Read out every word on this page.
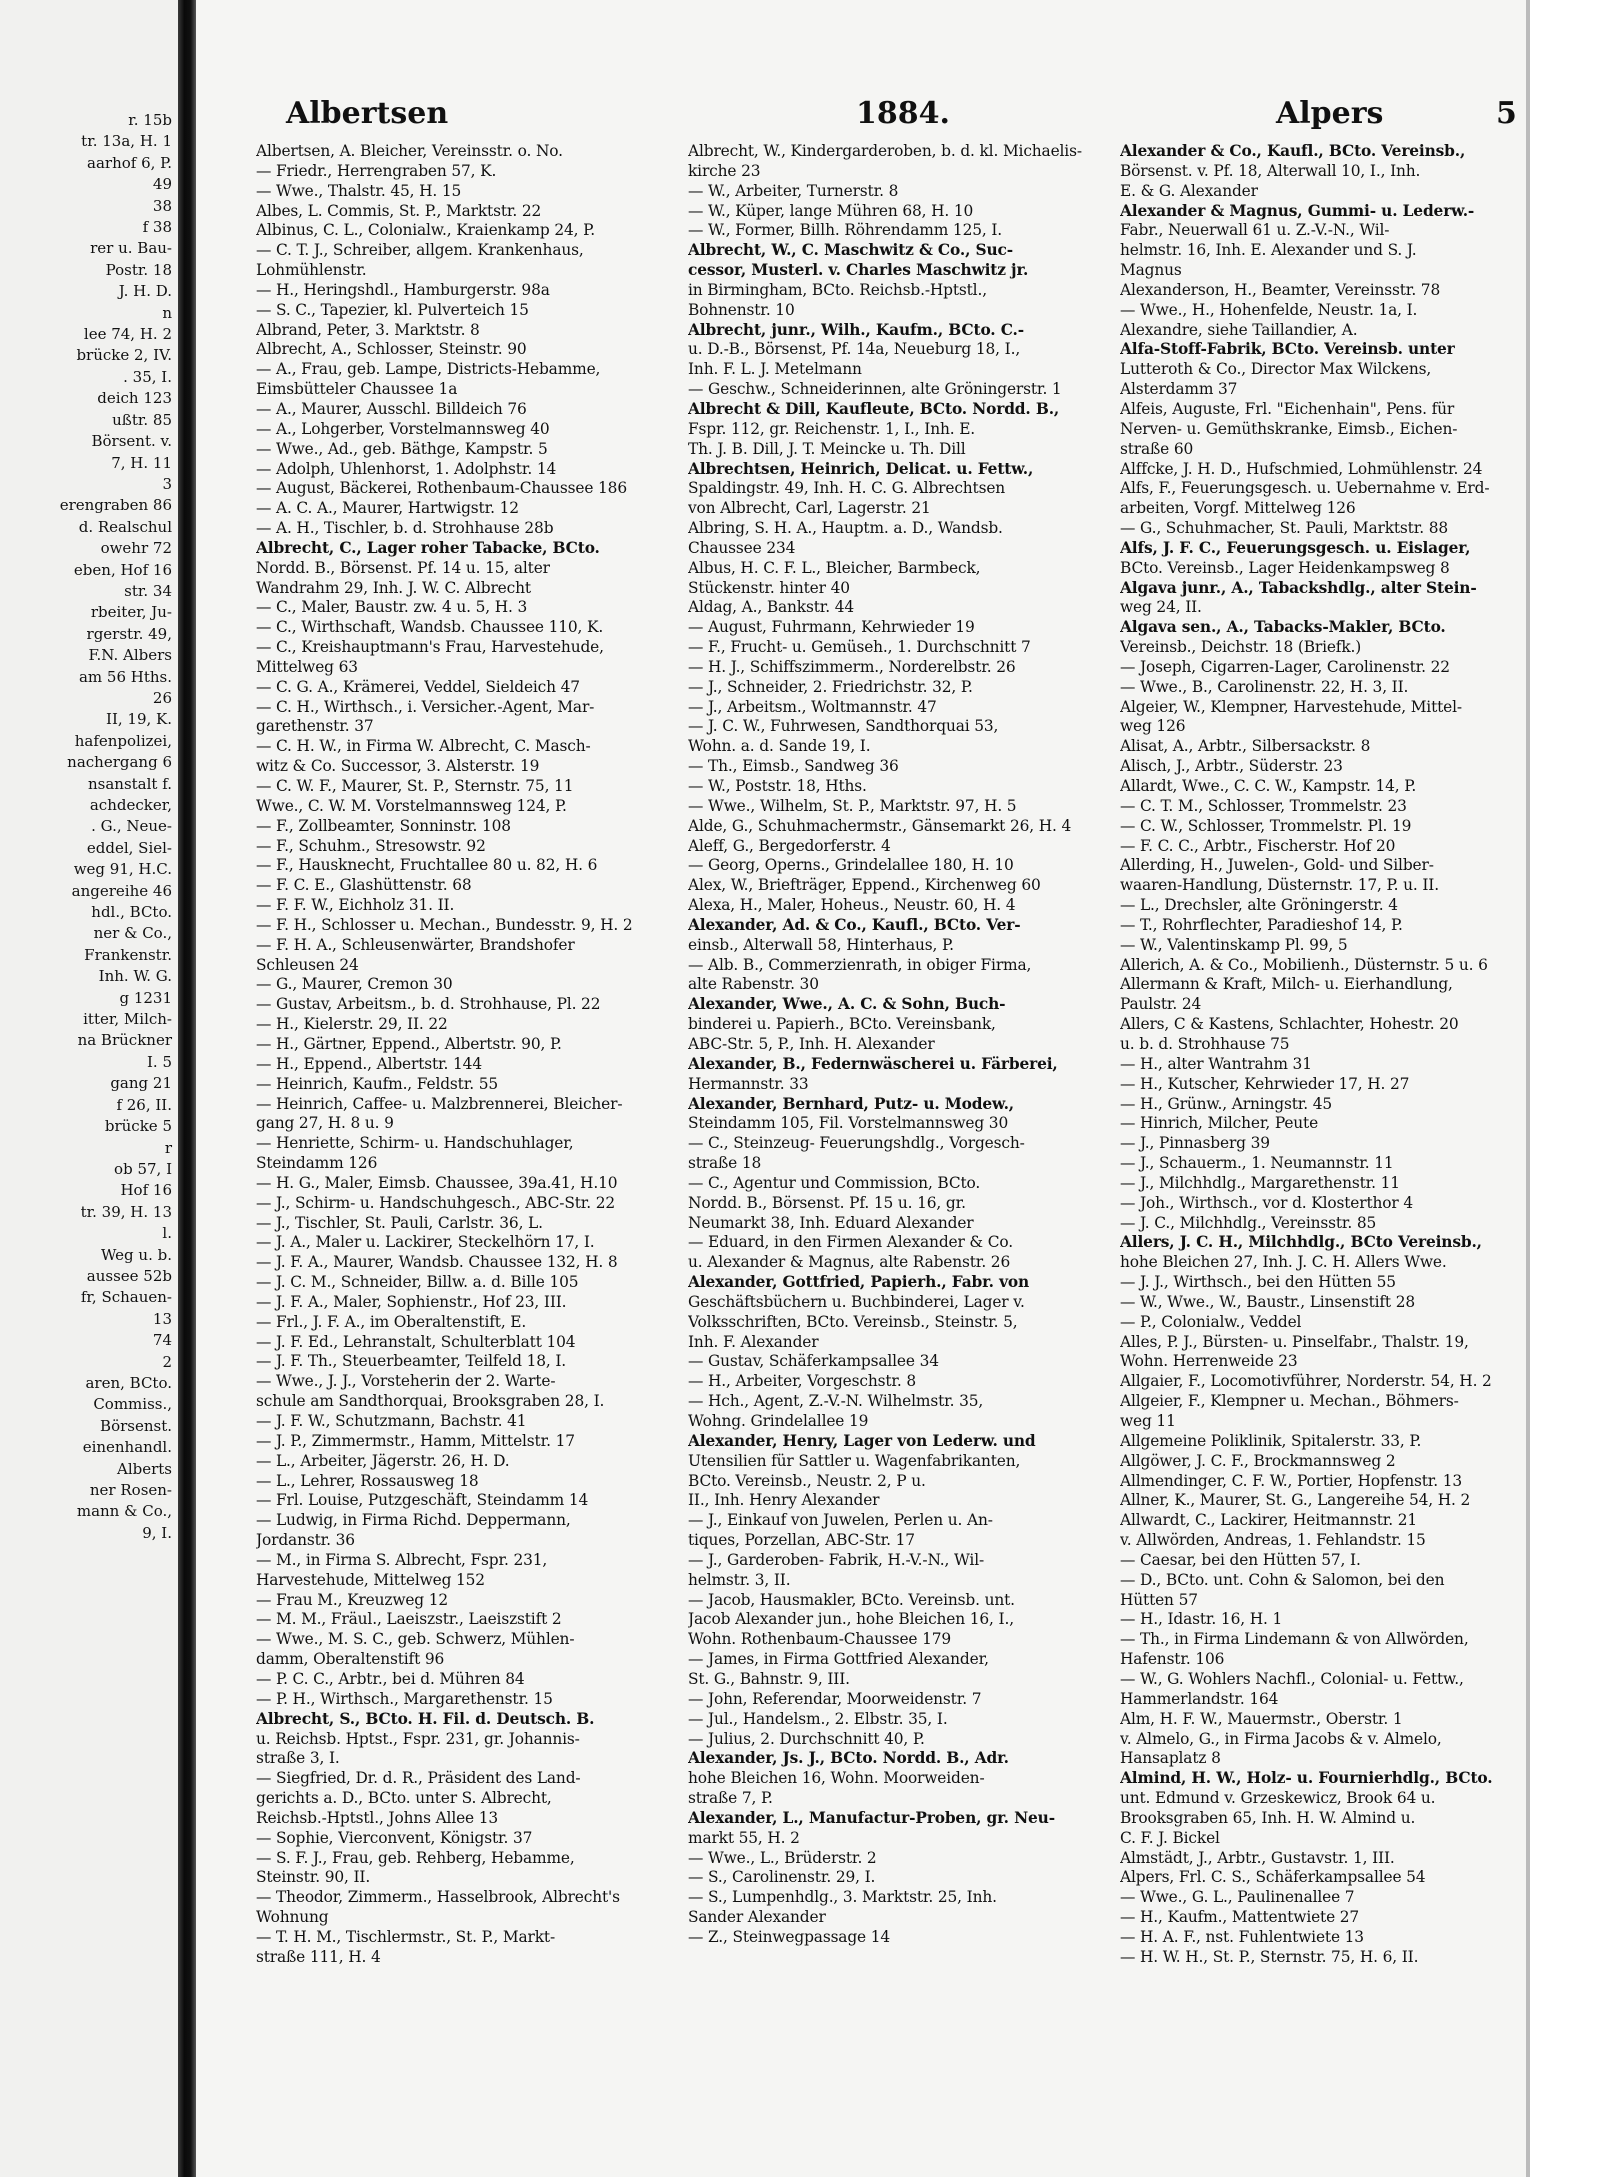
r. 15b
tr. 13a, H. 1
aarhof 6, P.
49
38
f 38
rer u. Bau-
Postr. 18
J. H. D.
n
lee 74, H. 2
brücke 2, IV.
. 35, I.
deich 123
ußtr. 85
Börsent. v.
7, H. 11
3
erengraben 86
d. Realschul
owehr 72
eben, Hof 16
str. 34
rbeiter, Ju-
rgerstr. 49,
F.N. Albers
am 56 Hths.
26
II, 19, K.
hafenpolizei,
nachergang 6
nsanstalt f.
achdecker,
. G., Neue-
eddel, Siel-
weg 91, H.C.
angereihe 46
hdl., BCto.
ner & Co.,
Frankenstr.
Inh. W. G.
g 1231
itter, Milch-
na Brückner
I. 5
gang 21
f 26, II.
brücke 5
r
ob 57, I
Hof 16
tr. 39, H. 13
l.
Weg u. b.
aussee 52b
fr, Schauen-
13
74
2
aren, BCto.
Commiss.,
Börsenst.
einenhandl.
Alberts
ner Rosen-
mann & Co.,
9, I.
Albertsen	1884.	Alpers	5
Albertsen, A. Bleicher, Vereinsstr. o. No.
— Friedr., Herrengraben 57, K.
— Wwe., Thalstr. 45, H. 15
Albes, L. Commis, St. P., Marktstr. 22
Albinus, C. L., Colonialw., Kraienkamp 24, P.
— C. T. J., Schreiber, allgem. Krankenhaus,
Lohmühlenstr.
— H., Heringshdl., Hamburgerstr. 98a
— S. C., Tapezier, kl. Pulverteich 15
Albrand, Peter, 3. Marktstr. 8
Albrecht, A., Schlosser, Steinstr. 90
— A., Frau, geb. Lampe, Districts-Hebamme,
Eimsbütteler Chaussee 1a
— A., Maurer, Ausschl. Billdeich 76
— A., Lohgerber, Vorstelmannsweg 40
— Wwe., Ad., geb. Bäthge, Kampstr. 5
— Adolph, Uhlenhorst, 1. Adolphstr. 14
— August, Bäckerei, Rothenbaum-Chaussee 186
— A. C. A., Maurer, Hartwigstr. 12
— A. H., Tischler, b. d. Strohhause 28b
Albrecht, C., Lager roher Tabacke, BCto.
Nordd. B., Börsenst. Pf. 14 u. 15, alter
Wandrahm 29, Inh. J. W. C. Albrecht
— C., Maler, Baustr. zw. 4 u. 5, H. 3
— C., Wirthschaft, Wandsb. Chaussee 110, K.
— C., Kreishauptmann's Frau, Harvestehude,
Mittelweg 63
— C. G. A., Krämerei, Veddel, Sieldeich 47
— C. H., Wirthsch., i. Versicher.-Agent, Mar-
garethenstr. 37
— C. H. W., in Firma W. Albrecht, C. Masch-
witz & Co. Successor, 3. Alsterstr. 19
— C. W. F., Maurer, St. P., Sternstr. 75, 11
Wwe., C. W. M. Vorstelmannsweg 124, P.
— F., Zollbeamter, Sonninstr. 108
— F., Schuhm., Stresowstr. 92
— F., Hausknecht, Fruchtallee 80 u. 82, H. 6
— F. C. E., Glashüttenstr. 68
— F. F. W., Eichholz 31. II.
— F. H., Schlosser u. Mechan., Bundesstr. 9, H. 2
— F. H. A., Schleusenwärter, Brandshofer
Schleusen 24
— G., Maurer, Cremon 30
— Gustav, Arbeitsm., b. d. Strohhause, Pl. 22
— H., Kielerstr. 29, II. 22
— H., Gärtner, Eppend., Albertstr. 90, P.
— H., Eppend., Albertstr. 144
— Heinrich, Kaufm., Feldstr. 55
— Heinrich, Caffee- u. Malzbrennerei, Bleicher-
gang 27, H. 8 u. 9
— Henriette, Schirm- u. Handschuhlager,
Steindamm 126
— H. G., Maler, Eimsb. Chaussee, 39a.41, H.10
— J., Schirm- u. Handschuhgesch., ABC-Str. 22
— J., Tischler, St. Pauli, Carlstr. 36, L.
— J. A., Maler u. Lackirer, Steckelhörn 17, I.
— J. F. A., Maurer, Wandsb. Chaussee 132, H. 8
— J. C. M., Schneider, Billw. a. d. Bille 105
— J. F. A., Maler, Sophienstr., Hof 23, III.
— Frl., J. F. A., im Oberaltenstift, E.
— J. F. Ed., Lehranstalt, Schulterblatt 104
— J. F. Th., Steuerbeamter, Teilfeld 18, I.
— Wwe., J. J., Vorsteherin der 2. Warte-
schule am Sandthorquai, Brooksgraben 28, I.
— J. F. W., Schutzmann, Bachstr. 41
— J. P., Zimmermstr., Hamm, Mittelstr. 17
— L., Arbeiter, Jägerstr. 26, H. D.
— L., Lehrer, Rossausweg 18
— Frl. Louise, Putzgeschäft, Steindamm 14
— Ludwig, in Firma Richd. Deppermann,
Jordanstr. 36
— M., in Firma S. Albrecht, Fspr. 231,
Harvestehude, Mittelweg 152
— Frau M., Kreuzweg 12
— M. M., Fräul., Laeiszstr., Laeiszstift 2
— Wwe., M. S. C., geb. Schwerz, Mühlen-
damm, Oberaltenstift 96
— P. C. C., Arbtr., bei d. Mühren 84
— P. H., Wirthsch., Margarethenstr. 15
Albrecht, S., BCto. H. Fil. d. Deutsch. B.
u. Reichsb. Hptst., Fspr. 231, gr. Johannis-
straße 3, I.
— Siegfried, Dr. d. R., Präsident des Land-
gerichts a. D., BCto. unter S. Albrecht,
Reichsb.-Hptstl., Johns Allee 13
— Sophie, Vierconvent, Königstr. 37
— S. F. J., Frau, geb. Rehberg, Hebamme,
Steinstr. 90, II.
— Theodor, Zimmerm., Hasselbrook, Albrecht's
Wohnung
— T. H. M., Tischlermstr., St. P., Markt-
straße 111, H. 4
Albrecht, W., Kindergarderoben, b. d. kl. Michaelis-
kirche 23
— W., Arbeiter, Turnerstr. 8
— W., Küper, lange Mühren 68, H. 10
— W., Former, Billh. Röhrendamm 125, I.
Albrecht, W., C. Maschwitz & Co., Suc-
cessor, Musterl. v. Charles Maschwitz jr.
in Birmingham, BCto. Reichsb.-Hptstl.,
Bohnenstr. 10
Albrecht, junr., Wilh., Kaufm., BCto. C.-
u. D.-B., Börsenst, Pf. 14a, Neueburg 18, I.,
Inh. F. L. J. Metelmann
— Geschw., Schneiderinnen, alte Gröningerstr. 1
Albrecht & Dill, Kaufleute, BCto. Nordd. B.,
Fspr. 112, gr. Reichenstr. 1, I., Inh. E.
Th. J. B. Dill, J. T. Meincke u. Th. Dill
Albrechtsen, Heinrich, Delicat. u. Fettw.,
Spaldingstr. 49, Inh. H. C. G. Albrechtsen
von Albrecht, Carl, Lagerstr. 21
Albring, S. H. A., Hauptm. a. D., Wandsb.
Chaussee 234
Albus, H. C. F. L., Bleicher, Barmbeck,
Stückenstr. hinter 40
Aldag, A., Bankstr. 44
— August, Fuhrmann, Kehrwieder 19
— F., Frucht- u. Gemüseh., 1. Durchschnitt 7
— H. J., Schiffszimmerm., Norderelbstr. 26
— J., Schneider, 2. Friedrichstr. 32, P.
— J., Arbeitsm., Woltmannstr. 47
— J. C. W., Fuhrwesen, Sandthorquai 53,
Wohn. a. d. Sande 19, I.
— Th., Eimsb., Sandweg 36
— W., Poststr. 18, Hths.
— Wwe., Wilhelm, St. P., Marktstr. 97, H. 5
Alde, G., Schuhmachermstr., Gänsemarkt 26, H. 4
Aleff, G., Bergedorferstr. 4
— Georg, Operns., Grindelallee 180, H. 10
Alex, W., Briefträger, Eppend., Kirchenweg 60
Alexa, H., Maler, Hoheus., Neustr. 60, H. 4
Alexander, Ad. & Co., Kaufl., BCto. Ver-
einsb., Alterwall 58, Hinterhaus, P.
— Alb. B., Commerzienrath, in obiger Firma,
alte Rabenstr. 30
Alexander, Wwe., A. C. & Sohn, Buch-
binderei u. Papierh., BCto. Vereinsbank,
ABC-Str. 5, P., Inh. H. Alexander
Alexander, B., Federnwäscherei u. Färberei,
Hermannstr. 33
Alexander, Bernhard, Putz- u. Modew.,
Steindamm 105, Fil. Vorstelmannsweg 30
— C., Steinzeug- Feuerungshdlg., Vorgesch-
straße 18
— C., Agentur und Commission, BCto.
Nordd. B., Börsenst. Pf. 15 u. 16, gr.
Neumarkt 38, Inh. Eduard Alexander
— Eduard, in den Firmen Alexander & Co.
u. Alexander & Magnus, alte Rabenstr. 26
Alexander, Gottfried, Papierh., Fabr. von
Geschäftsbüchern u. Buchbinderei, Lager v.
Volksschriften, BCto. Vereinsb., Steinstr. 5,
Inh. F. Alexander
— Gustav, Schäferkampsallee 34
— H., Arbeiter, Vorgeschstr. 8
— Hch., Agent, Z.-V.-N. Wilhelmstr. 35,
Wohng. Grindelallee 19
Alexander, Henry, Lager von Lederw. und
Utensilien für Sattler u. Wagenfabrikanten,
BCto. Vereinsb., Neustr. 2, P u.
II., Inh. Henry Alexander
— J., Einkauf von Juwelen, Perlen u. An-
tiques, Porzellan, ABC-Str. 17
— J., Garderoben- Fabrik, H.-V.-N., Wil-
helmstr. 3, II.
— Jacob, Hausmakler, BCto. Vereinsb. unt.
Jacob Alexander jun., hohe Bleichen 16, I.,
Wohn. Rothenbaum-Chaussee 179
— James, in Firma Gottfried Alexander,
St. G., Bahnstr. 9, III.
— John, Referendar, Moorweidenstr. 7
— Jul., Handelsm., 2. Elbstr. 35, I.
— Julius, 2. Durchschnitt 40, P.
Alexander, Js. J., BCto. Nordd. B., Adr.
hohe Bleichen 16, Wohn. Moorweiden-
straße 7, P.
Alexander, L., Manufactur-Proben, gr. Neu-
markt 55, H. 2
— Wwe., L., Brüderstr. 2
— S., Carolinenstr. 29, I.
— S., Lumpenhdlg., 3. Marktstr. 25, Inh.
Sander Alexander
— Z., Steinwegpassage 14
Alexander & Co., Kaufl., BCto. Vereinsb.,
Börsenst. v. Pf. 18, Alterwall 10, I., Inh.
E. & G. Alexander
Alexander & Magnus, Gummi- u. Lederw.-
Fabr., Neuerwall 61 u. Z.-V.-N., Wil-
helmstr. 16, Inh. E. Alexander und S. J.
Magnus
Alexanderson, H., Beamter, Vereinsstr. 78
— Wwe., H., Hohenfelde, Neustr. 1a, I.
Alexandre, siehe Taillandier, A.
Alfa-Stoff-Fabrik, BCto. Vereinsb. unter
Lutteroth & Co., Director Max Wilckens,
Alsterdamm 37
Alfeis, Auguste, Frl. "Eichenhain", Pens. für
Nerven- u. Gemüthskranke, Eimsb., Eichen-
straße 60
Alffcke, J. H. D., Hufschmied, Lohmühlenstr. 24
Alfs, F., Feuerungsgesch. u. Uebernahme v. Erd-
arbeiten, Vorgf. Mittelweg 126
— G., Schuhmacher, St. Pauli, Marktstr. 88
Alfs, J. F. C., Feuerungsgesch. u. Eislager,
BCto. Vereinsb., Lager Heidenkampsweg 8
Algava junr., A., Tabackshdlg., alter Stein-
weg 24, II.
Algava sen., A., Tabacks-Makler, BCto.
Vereinsb., Deichstr. 18 (Briefk.)
— Joseph, Cigarren-Lager, Carolinenstr. 22
— Wwe., B., Carolinenstr. 22, H. 3, II.
Algeier, W., Klempner, Harvestehude, Mittel-
weg 126
Alisat, A., Arbtr., Silbersackstr. 8
Alisch, J., Arbtr., Süderstr. 23
Allardt, Wwe., C. C. W., Kampstr. 14, P.
— C. T. M., Schlosser, Trommelstr. 23
— C. W., Schlosser, Trommelstr. Pl. 19
— F. C. C., Arbtr., Fischerstr. Hof 20
Allerding, H., Juwelen-, Gold- und Silber-
waaren-Handlung, Düsternstr. 17, P. u. II.
— L., Drechsler, alte Gröningerstr. 4
— T., Rohrflechter, Paradieshof 14, P.
— W., Valentinskamp Pl. 99, 5
Allerich, A. & Co., Mobilienh., Düsternstr. 5 u. 6
Allermann & Kraft, Milch- u. Eierhandlung,
Paulstr. 24
Allers, C & Kastens, Schlachter, Hohestr. 20
u. b. d. Strohhause 75
— H., alter Wantrahm 31
— H., Kutscher, Kehrwieder 17, H. 27
— H., Grünw., Arningstr. 45
— Hinrich, Milcher, Peute
— J., Pinnasberg 39
— J., Schauerm., 1. Neumannstr. 11
— J., Milchhdlg., Margarethenstr. 11
— Joh., Wirthsch., vor d. Klosterthor 4
— J. C., Milchhdlg., Vereinsstr. 85
Allers, J. C. H., Milchhdlg., BCto Vereinsb.,
hohe Bleichen 27, Inh. J. C. H. Allers Wwe.
— J. J., Wirthsch., bei den Hütten 55
— W., Wwe., W., Baustr., Linsenstift 28
— P., Colonialw., Veddel
Alles, P. J., Bürsten- u. Pinselfabr., Thalstr. 19,
Wohn. Herrenweide 23
Allgaier, F., Locomotivführer, Norderstr. 54, H. 2
Allgeier, F., Klempner u. Mechan., Böhmers-
weg 11
Allgemeine Poliklinik, Spitalerstr. 33, P.
Allgöwer, J. C. F., Brockmannsweg 2
Allmendinger, C. F. W., Portier, Hopfenstr. 13
Allner, K., Maurer, St. G., Langereihe 54, H. 2
Allwardt, C., Lackirer, Heitmannstr. 21
v. Allwörden, Andreas, 1. Fehlandstr. 15
— Caesar, bei den Hütten 57, I.
— D., BCto. unt. Cohn & Salomon, bei den
Hütten 57
— H., Idastr. 16, H. 1
— Th., in Firma Lindemann & von Allwörden,
Hafenstr. 106
— W., G. Wohlers Nachfl., Colonial- u. Fettw.,
Hammerlandstr. 164
Alm, H. F. W., Mauermstr., Oberstr. 1
v. Almelo, G., in Firma Jacobs & v. Almelo,
Hansaplatz 8
Almind, H. W., Holz- u. Fournierhdlg., BCto.
unt. Edmund v. Grzeskewicz, Brook 64 u.
Brooksgraben 65, Inh. H. W. Almind u.
C. F. J. Bickel
Almstädt, J., Arbtr., Gustavstr. 1, III.
Alpers, Frl. C. S., Schäferkampsallee 54
— Wwe., G. L., Paulinenallee 7
— H., Kaufm., Mattentwiete 27
— H. A. F., nst. Fuhlentwiete 13
— H. W. H., St. P., Sternstr. 75, H. 6, II.
